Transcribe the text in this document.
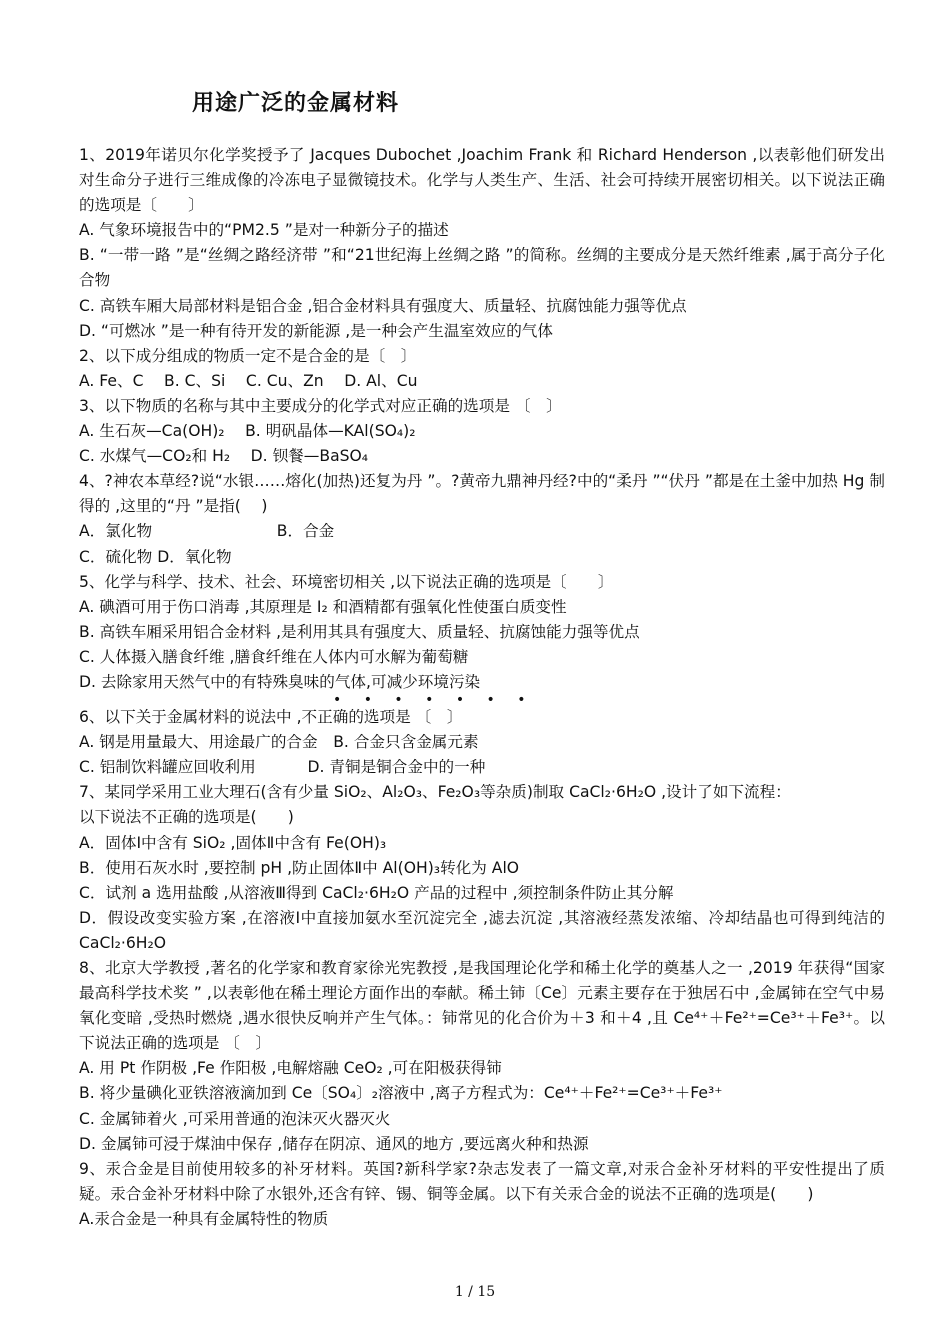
用途广泛的金属材料

1、2019年诺贝尔化学奖授予了 Jacques Dubochet ,Joachim Frank 和 Richard Henderson ,以表彰他们研发出对生命分子进行三维成像的冷冻电子显微镜技术。化学与人类生产、生活、社会可持续开展密切相关。以下说法正确的选项是〔　　〕

A. 气象环境报告中的“PM2.5 ”是对一种新分子的描述

B. “一带一路 ”是“丝绸之路经济带 ”和“21世纪海上丝绸之路 ”的简称。丝绸的主要成分是天然纤维素 ,属于高分子化合物

C. 高铁车厢大局部材料是铝合金 ,铝合金材料具有强度大、质量轻、抗腐蚀能力强等优点

D. “可燃冰 ”是一种有待开发的新能源 ,是一种会产生温室效应的气体

2、以下成分组成的物质一定不是合金的是〔　〕

A. Fe、C　 B. C、Si　 C. Cu、Zn　 D. Al、Cu

3、以下物质的名称与其中主要成分的化学式对应正确的选项是 〔　〕

A. 生石灰—Ca(OH)₂　 B. 明矾晶体—KAl(SO₄)₂

C. 水煤气—CO₂和 H₂　 D. 钡餐—BaSO₄

4、?神农本草经?说“水银……熔化(加热)还复为丹 ”。?黄帝九鼎神丹经?中的“柔丹 ”“伏丹 ”都是在土釜中加热 Hg 制得的 ,这里的“丹 ”是指(　 )

A．氯化物　　　　　　　　B．合金

C．硫化物 D．氧化物

5、化学与科学、技术、社会、环境密切相关 ,以下说法正确的选项是〔　　〕

A. 碘酒可用于伤口消毒 ,其原理是 I₂ 和酒精都有强氧化性使蛋白质变性

B. 高铁车厢采用铝合金材料 ,是利用其具有强度大、质量轻、抗腐蚀能力强等优点

C. 人体摄入膳食纤维 ,膳食纤维在人体内可水解为葡萄糖

D. 去除家用天然气中的有特殊臭味的气体,可减少环境污染

• • • • • • •

6、以下关于金属材料的说法中 ,不正确的选项是 〔　〕

A. 钢是用量最大、用途最广的合金　B. 合金只含金属元素

C. 铝制饮料罐应回收利用　　　 D. 青铜是铜合金中的一种

7、某同学采用工业大理石(含有少量 SiO₂、Al₂O₃、Fe₂O₃等杂质)制取 CaCl₂·6H₂O ,设计了如下流程：

以下说法不正确的选项是(　　)

A．固体Ⅰ中含有 SiO₂ ,固体Ⅱ中含有 Fe(OH)₃

B．使用石灰水时 ,要控制 pH ,防止固体Ⅱ中 Al(OH)₃转化为 AlO

C．试剂 a 选用盐酸 ,从溶液Ⅲ得到 CaCl₂·6H₂O 产品的过程中 ,须控制条件防止其分解

D．假设改变实验方案 ,在溶液Ⅰ中直接加氨水至沉淀完全 ,滤去沉淀 ,其溶液经蒸发浓缩、冷却结晶也可得到纯洁的 CaCl₂·6H₂O

8、北京大学教授 ,著名的化学家和教育家徐光宪教授 ,是我国理论化学和稀土化学的奠基人之一 ,2019 年获得“国家最高科学技术奖 ” ,以表彰他在稀土理论方面作出的奉献。稀土铈〔Ce〕元素主要存在于独居石中 ,金属铈在空气中易氧化变暗 ,受热时燃烧 ,遇水很快反响并产生气体。：铈常见的化合价为＋3 和＋4 ,且 Ce⁴⁺＋Fe²⁺=Ce³⁺＋Fe³⁺。以下说法正确的选项是 〔　〕

A. 用 Pt 作阴极 ,Fe 作阳极 ,电解熔融 CeO₂ ,可在阳极获得铈

B. 将少量碘化亚铁溶液滴加到 Ce〔SO₄〕₂溶液中 ,离子方程式为：Ce⁴⁺＋Fe²⁺=Ce³⁺＋Fe³⁺

C. 金属铈着火 ,可采用普通的泡沫灭火器灭火

D. 金属铈可浸于煤油中保存 ,储存在阴凉、通风的地方 ,要远离火种和热源

9、汞合金是目前使用较多的补牙材料。英国?新科学家?杂志发表了一篇文章,对汞合金补牙材料的平安性提出了质疑。汞合金补牙材料中除了水银外,还含有锌、锡、铜等金属。以下有关汞合金的说法不正确的选项是(　　)

A.汞合金是一种具有金属特性的物质

1 / 15
